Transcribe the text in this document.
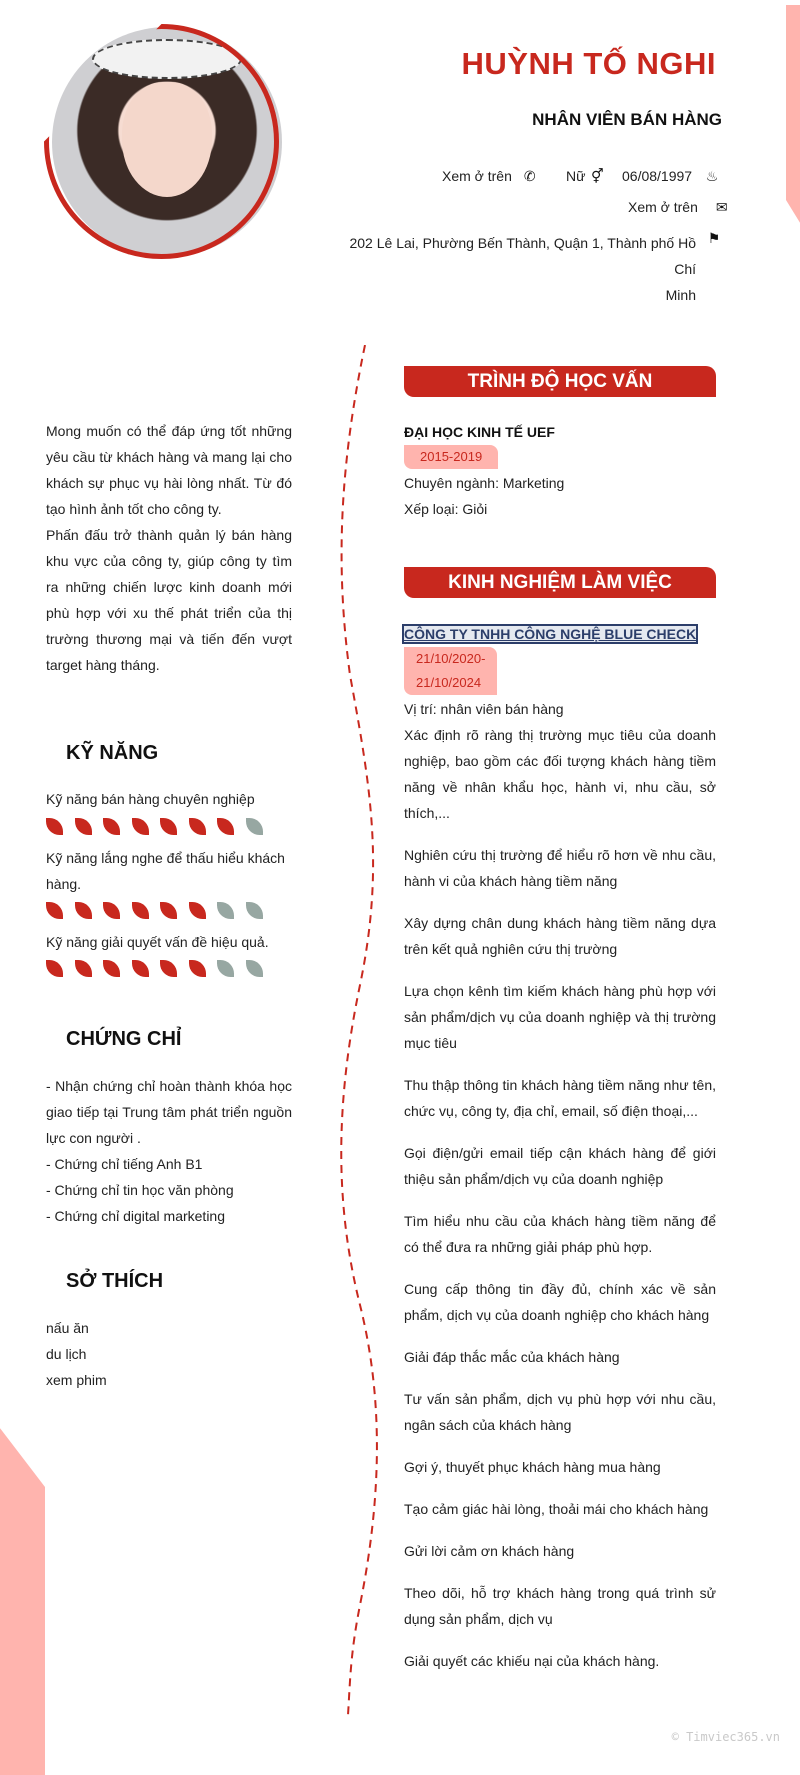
HUỲNH TỐ NGHI
NHÂN VIÊN BÁN HÀNG
Xem ở trên ✆ Nữ ⚥ 06/08/1997 ♨
Xem ở trên ✉
202 Lê Lai, Phường Bến Thành, Quận 1, Thành phố Hồ Chí
Minh
⚑
Mong muốn có thể đáp ứng tốt những yêu cầu từ khách hàng và mang lại cho khách sự phục vụ hài lòng nhất. Từ đó tạo hình ảnh tốt cho công ty.
Phấn đấu trở thành quản lý bán hàng khu vực của công ty, giúp công ty tìm ra những chiến lược kinh doanh mới phù hợp với xu thế phát triển của thị trường thương mại và tiến đến vượt target hàng tháng.
KỸ NĂNG
Kỹ năng bán hàng chuyên nghiệp
Kỹ năng lắng nghe để thấu hiểu khách hàng.
Kỹ năng giải quyết vấn đề hiệu quả.
CHỨNG CHỈ
- Nhận chứng chỉ hoàn thành khóa học giao tiếp tại Trung tâm phát triển nguồn lực con người .
- Chứng chỉ tiếng Anh B1
- Chứng chỉ tin học văn phòng
- Chứng chỉ digital marketing
SỞ THÍCH
nấu ăn
du lịch
xem phim
TRÌNH ĐỘ HỌC VẤN
ĐẠI HỌC KINH TẾ UEF
2015-2019
Chuyên ngành: Marketing
Xếp loại: Giỏi
KINH NGHIỆM LÀM VIỆC
CÔNG TY TNHH CÔNG NGHỆ BLUE CHECK
21/10/2020-
21/10/2024
Vị trí: nhân viên bán hàng
Xác định rõ ràng thị trường mục tiêu của doanh nghiệp, bao gồm các đối tượng khách hàng tiềm năng về nhân khẩu học, hành vi, nhu cầu, sở thích,...
Nghiên cứu thị trường để hiểu rõ hơn về nhu cầu, hành vi của khách hàng tiềm năng
Xây dựng chân dung khách hàng tiềm năng dựa trên kết quả nghiên cứu thị trường
Lựa chọn kênh tìm kiếm khách hàng phù hợp với sản phẩm/dịch vụ của doanh nghiệp và thị trường mục tiêu
Thu thập thông tin khách hàng tiềm năng như tên, chức vụ, công ty, địa chỉ, email, số điện thoại,...
Gọi điện/gửi email tiếp cận khách hàng để giới thiệu sản phẩm/dịch vụ của doanh nghiệp
Tìm hiểu nhu cầu của khách hàng tiềm năng để có thể đưa ra những giải pháp phù hợp.
Cung cấp thông tin đầy đủ, chính xác về sản phẩm, dịch vụ của doanh nghiệp cho khách hàng
Giải đáp thắc mắc của khách hàng
Tư vấn sản phẩm, dịch vụ phù hợp với nhu cầu, ngân sách của khách hàng
Gợi ý, thuyết phục khách hàng mua hàng
Tạo cảm giác hài lòng, thoải mái cho khách hàng
Gửi lời cảm ơn khách hàng
Theo dõi, hỗ trợ khách hàng trong quá trình sử dụng sản phẩm, dịch vụ
Giải quyết các khiếu nại của khách hàng.
© Timviec365.vn
